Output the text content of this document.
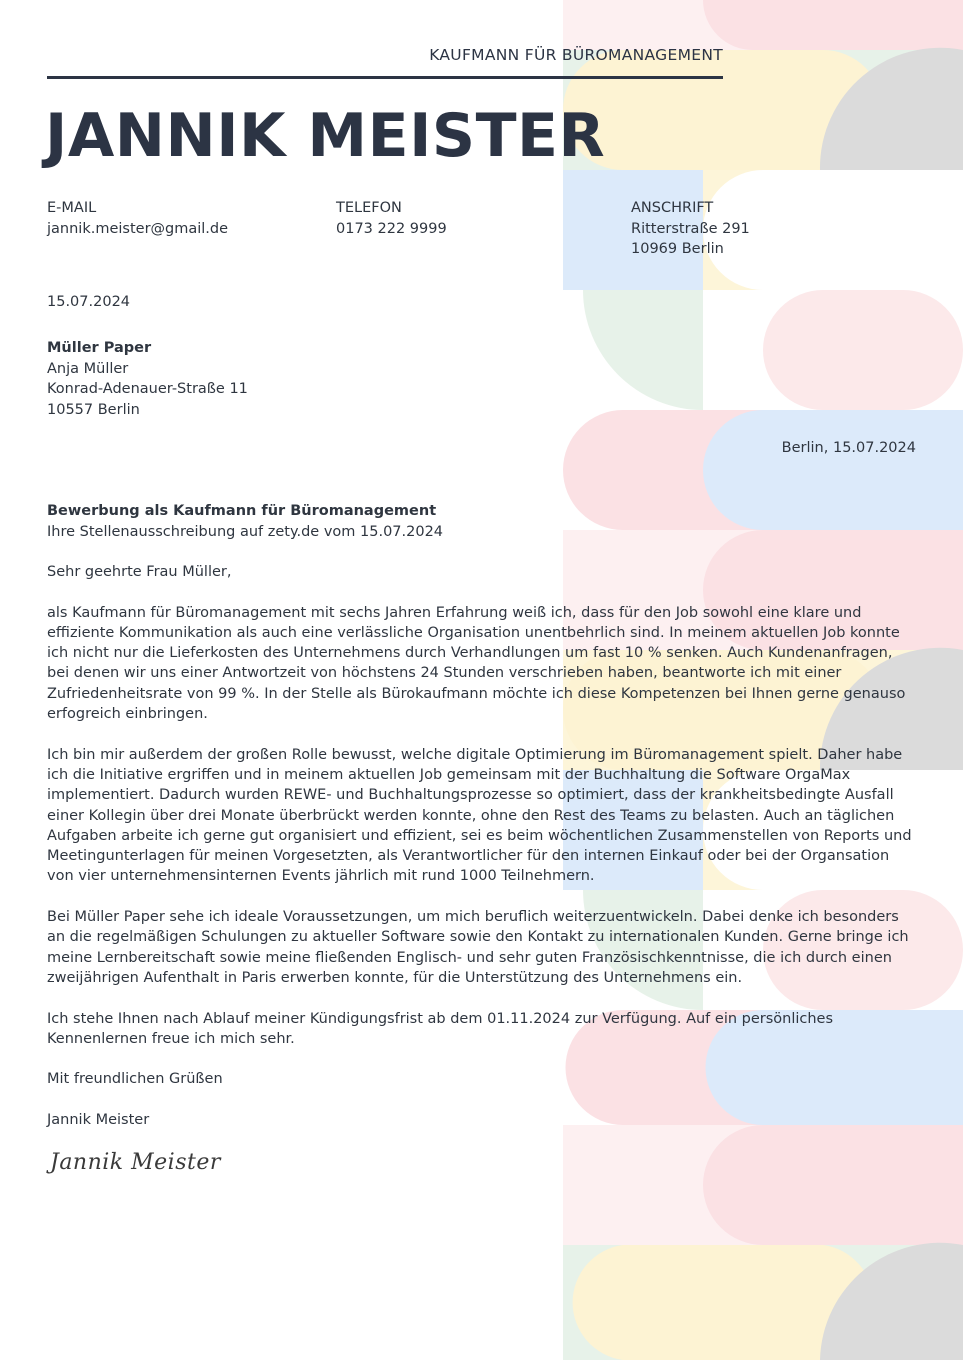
KAUFMANN FÜR BÜROMANAGEMENT
JANNIK MEISTER
E-MAIL
jannik.meister@gmail.de
TELEFON
0173 222 9999
ANSCHRIFT
Ritterstraße 291
10969 Berlin
15.07.2024
Müller Paper
Anja Müller
Konrad-Adenauer-Straße 11
10557 Berlin
Berlin, 15.07.2024
Bewerbung als Kaufmann für Büromanagement
Ihre Stellenausschreibung auf zety.de vom 15.07.2024

Sehr geehrte Frau Müller,

als Kaufmann für Büromanagement mit sechs Jahren Erfahrung weiß ich, dass für den Job sowohl eine klare und effiziente Kommunikation als auch eine verlässliche Organisation unentbehrlich sind. In meinem aktuellen Job konnte ich nicht nur die Lieferkosten des Unternehmens durch Verhandlungen um fast 10 % senken. Auch Kundenanfragen, bei denen wir uns einer Antwortzeit von höchstens 24 Stunden verschrieben haben, beantworte ich mit einer Zufriedenheitsrate von 99 %. In der Stelle als Bürokaufmann möchte ich diese Kompetenzen bei Ihnen gerne genauso erfogreich einbringen.

Ich bin mir außerdem der großen Rolle bewusst, welche digitale Optimierung im Büromanagement spielt. Daher habe ich die Initiative ergriffen und in meinem aktuellen Job gemeinsam mit der Buchhaltung die Software OrgaMax implementiert. Dadurch wurden REWE- und Buchhaltungsprozesse so optimiert, dass der krankheitsbedingte Ausfall einer Kollegin über drei Monate überbrückt werden konnte, ohne den Rest des Teams zu belasten. Auch an täglichen Aufgaben arbeite ich gerne gut organisiert und effizient, sei es beim wöchentlichen Zusammenstellen von Reports und Meetingunterlagen für meinen Vorgesetzten, als Verantwortlicher für den internen Einkauf oder bei der Organsation von vier unternehmensinternen Events jährlich mit rund 1000 Teilnehmern.

Bei Müller Paper sehe ich ideale Voraussetzungen, um mich beruflich weiterzuentwickeln. Dabei denke ich besonders an die regelmäßigen Schulungen zu aktueller Software sowie den Kontakt zu internationalen Kunden. Gerne bringe ich meine Lernbereitschaft sowie meine fließenden Englisch- und sehr guten Französischkenntnisse, die ich durch einen zweijährigen Aufenthalt in Paris erwerben konnte, für die Unterstützung des Unternehmens ein.

Ich stehe Ihnen nach Ablauf meiner Kündigungsfrist ab dem 01.11.2024 zur Verfügung. Auf ein persönliches Kennenlernen freue ich mich sehr.

Mit freundlichen Grüßen

Jannik Meister

Jannik Meister
